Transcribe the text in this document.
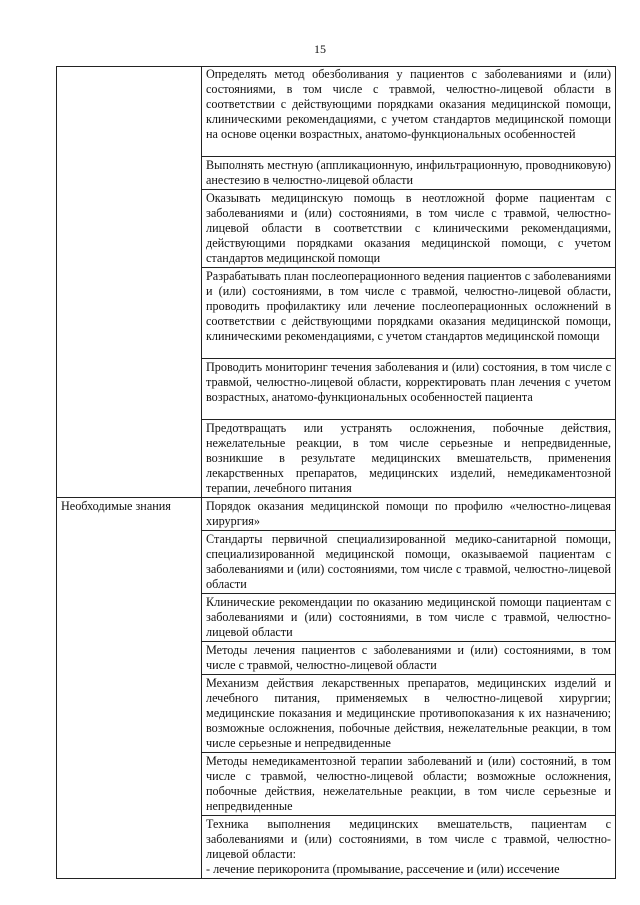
15
	Определять метод обезболивания у пациентов с заболеваниями и (или) состояниями, в том числе с травмой, челюстно-лицевой области в соответствии с действующими порядками оказания медицинской помощи, клиническими рекомендациями, с учетом стандартов медицинской помощи на основе оценки возрастных, анатомо-функциональных особенностей
	Выполнять местную (аппликационную, инфильтрационную, проводниковую) анестезию в челюстно-лицевой области
	Оказывать медицинскую помощь в неотложной форме пациентам с заболеваниями и (или) состояниями, в том числе с травмой, челюстно-лицевой области в соответствии с клиническими рекомендациями, действующими порядками оказания медицинской помощи, с учетом стандартов медицинской помощи
	Разрабатывать план послеоперационного ведения пациентов с заболеваниями и (или) состояниями, в том числе с травмой, челюстно-лицевой области, проводить профилактику или лечение послеоперационных осложнений в соответствии с действующими порядками оказания медицинской помощи, клиническими рекомендациями, с учетом стандартов медицинской помощи
	Проводить мониторинг течения заболевания и (или) состояния, в том числе с травмой, челюстно-лицевой области, корректировать план лечения с учетом возрастных, анатомо-функциональных особенностей пациента
	Предотвращать или устранять осложнения, побочные действия, нежелательные реакции, в том числе серьезные и непредвиденные, возникшие в результате медицинских вмешательств, применения лекарственных препаратов, медицинских изделий, немедикаментозной терапии, лечебного питания
Необходимые знания	Порядок оказания медицинской помощи по профилю «челюстно-лицевая хирургия»
	Стандарты первичной специализированной медико-санитарной помощи, специализированной медицинской помощи, оказываемой пациентам с заболеваниями и (или) состояниями, том числе с травмой, челюстно-лицевой области
	Клинические рекомендации по оказанию медицинской помощи пациентам с заболеваниями и (или) состояниями, в том числе с травмой, челюстно-лицевой области
	Методы лечения пациентов с заболеваниями и (или) состояниями, в том числе с травмой, челюстно-лицевой области
	Механизм действия лекарственных препаратов, медицинских изделий и лечебного питания, применяемых в челюстно-лицевой хирургии; медицинские показания и медицинские противопоказания к их назначению; возможные осложнения, побочные действия, нежелательные реакции, в том числе серьезные и непредвиденные
	Методы немедикаментозной терапии заболеваний и (или) состояний, в том числе с травмой, челюстно-лицевой области; возможные осложнения, побочные действия, нежелательные реакции, в том числе серьезные и непредвиденные
	Техника выполнения медицинских вмешательств, пациентам с заболеваниями и (или) состояниями, в том числе с травмой, челюстно-лицевой области:
- лечение перикоронита (промывание, рассечение и (или) иссечение
